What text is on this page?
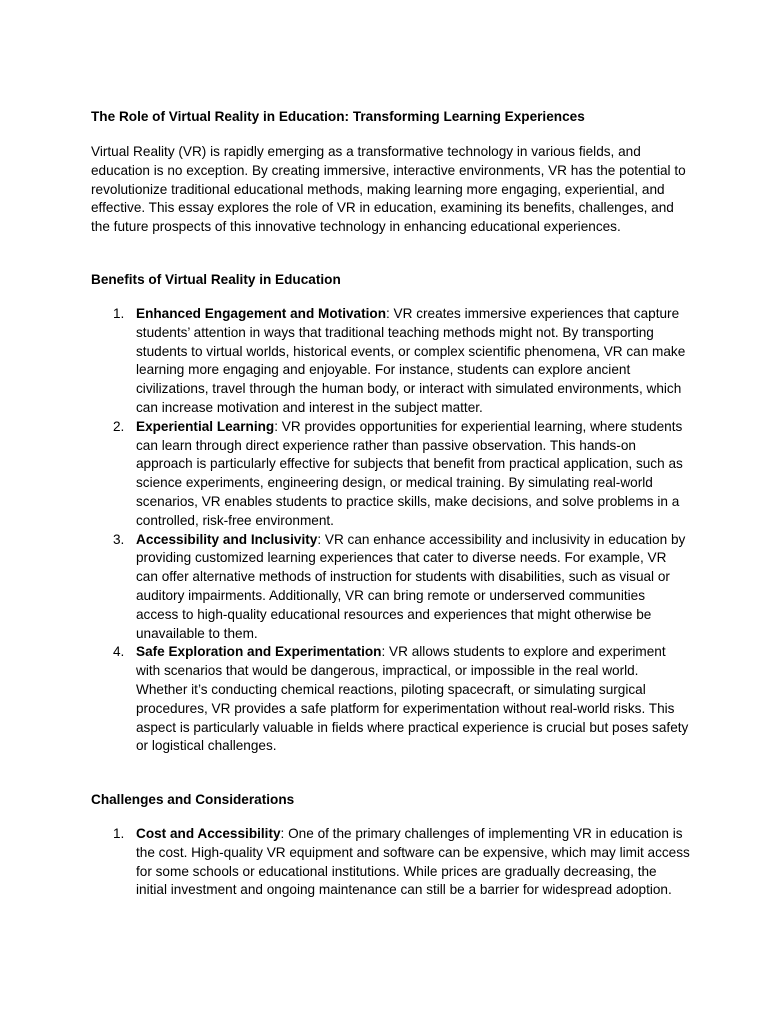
The Role of Virtual Reality in Education: Transforming Learning Experiences

Virtual Reality (VR) is rapidly emerging as a transformative technology in various fields, and education is no exception. By creating immersive, interactive environments, VR has the potential to revolutionize traditional educational methods, making learning more engaging, experiential, and effective. This essay explores the role of VR in education, examining its benefits, challenges, and the future prospects of this innovative technology in enhancing educational experiences.

Benefits of Virtual Reality in Education
1. Enhanced Engagement and Motivation: VR creates immersive experiences that capture students’ attention in ways that traditional teaching methods might not. By transporting students to virtual worlds, historical events, or complex scientific phenomena, VR can make learning more engaging and enjoyable. For instance, students can explore ancient civilizations, travel through the human body, or interact with simulated environments, which can increase motivation and interest in the subject matter.
2. Experiential Learning: VR provides opportunities for experiential learning, where students can learn through direct experience rather than passive observation. This hands-on approach is particularly effective for subjects that benefit from practical application, such as science experiments, engineering design, or medical training. By simulating real-world scenarios, VR enables students to practice skills, make decisions, and solve problems in a controlled, risk-free environment.
3. Accessibility and Inclusivity: VR can enhance accessibility and inclusivity in education by providing customized learning experiences that cater to diverse needs. For example, VR can offer alternative methods of instruction for students with disabilities, such as visual or auditory impairments. Additionally, VR can bring remote or underserved communities access to high-quality educational resources and experiences that might otherwise be unavailable to them.
4. Safe Exploration and Experimentation: VR allows students to explore and experiment with scenarios that would be dangerous, impractical, or impossible in the real world. Whether it’s conducting chemical reactions, piloting spacecraft, or simulating surgical procedures, VR provides a safe platform for experimentation without real-world risks. This aspect is particularly valuable in fields where practical experience is crucial but poses safety or logistical challenges.
Challenges and Considerations
1. Cost and Accessibility: One of the primary challenges of implementing VR in education is the cost. High-quality VR equipment and software can be expensive, which may limit access for some schools or educational institutions. While prices are gradually decreasing, the initial investment and ongoing maintenance can still be a barrier for widespread adoption.
